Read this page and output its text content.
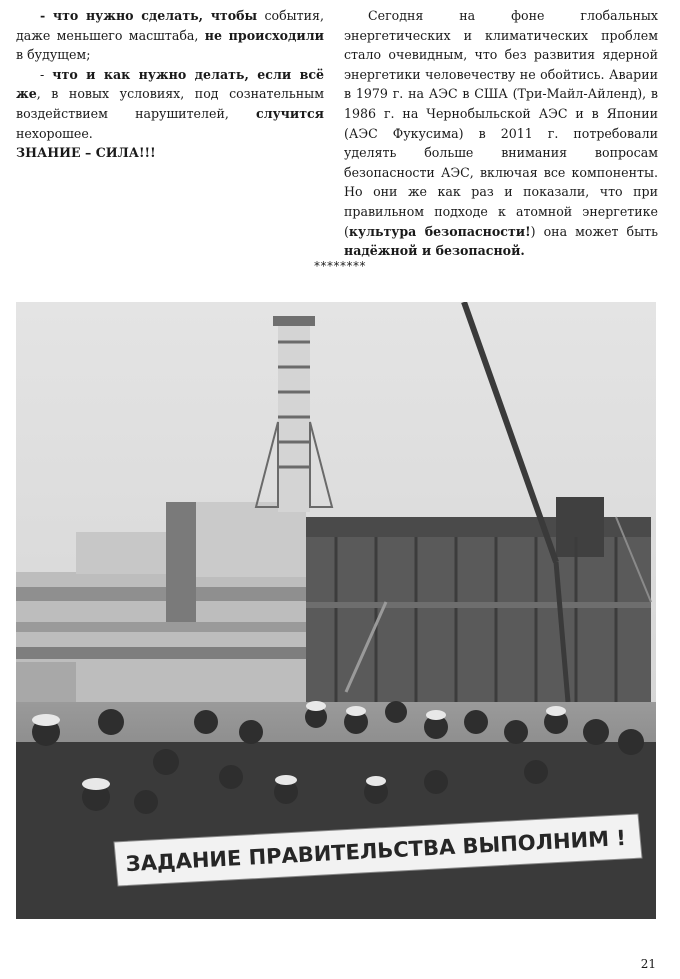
- что нужно сделать, чтобы события, даже меньшего масштаба, не происходили в будущем;

- что и как нужно делать, если всё же, в новых условиях, под сознательным воздействием нарушителей, случится нехорошее.

ЗНАНИЕ – СИЛА!!!

Сегодня на фоне глобальных энергетических и климатических проблем стало очевидным, что без развития ядерной энергетики человечеству не обойтись. Аварии в 1979 г. на АЭС в США (Три-Майл-Айленд), в 1986 г. на Чернобыльской АЭС и в Японии (АЭС Фукусима) в 2011 г. потребовали уделять больше внимания вопросам безопасности АЭС, включая все компоненты. Но они же как раз и показали, что при правильном подходе к атомной энергетике (культура безопасности!) она может быть надёжной и безопасной.

********
ЗАДАНИЕ ПРАВИТЕЛЬСТВА ВЫПОЛНИМ !
21
